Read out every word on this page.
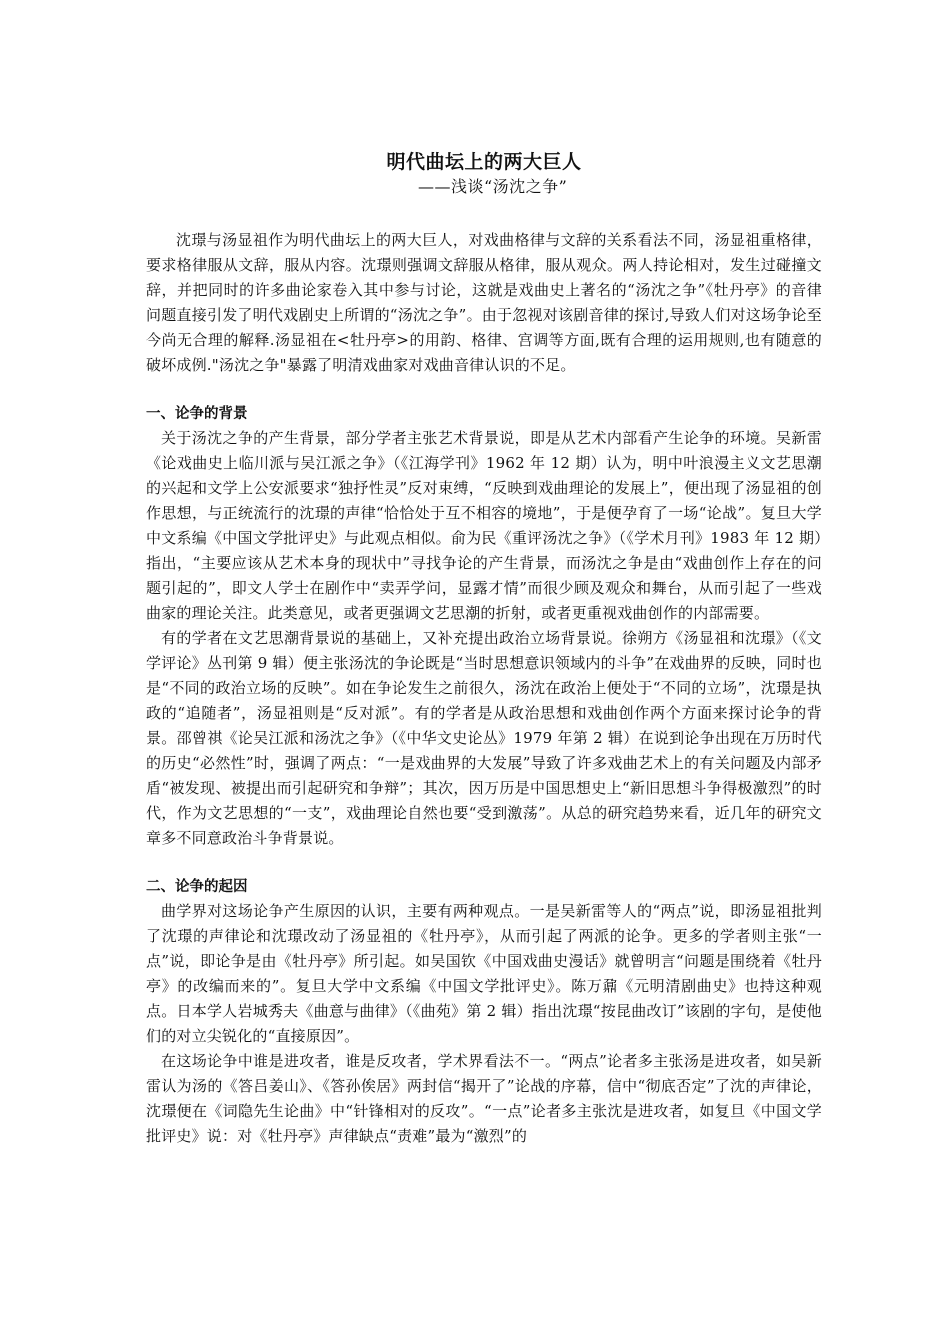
明代曲坛上的两大巨人
——浅谈“汤沈之争”

沈璟与汤显祖作为明代曲坛上的两大巨人，对戏曲格律与文辞的关系看法不同，汤显祖重格律，要求格律服从文辞，服从内容。沈璟则强调文辞服从格律，服从观众。两人持论相对，发生过碰撞文辞，并把同时的许多曲论家卷入其中参与讨论，这就是戏曲史上著名的“汤沈之争”《牡丹亭》的音律问题直接引发了明代戏剧史上所谓的“汤沈之争”。由于忽视对该剧音律的探讨,导致人们对这场争论至今尚无合理的解释.汤显祖在<牡丹亭>的用韵、格律、宫调等方面,既有合理的运用规则,也有随意的破坏成例."汤沈之争"暴露了明清戏曲家对戏曲音律认识的不足。

一、论争的背景

关于汤沈之争的产生背景，部分学者主张艺术背景说，即是从艺术内部看产生论争的环境。吴新雷《论戏曲史上临川派与吴江派之争》（《江海学刊》1962 年 12 期）认为，明中叶浪漫主义文艺思潮的兴起和文学上公安派要求“独抒性灵”反对束缚，“反映到戏曲理论的发展上”，便出现了汤显祖的创作思想，与正统流行的沈璟的声律“恰恰处于互不相容的境地”，于是便孕育了一场“论战”。复旦大学中文系编《中国文学批评史》与此观点相似。俞为民《重评汤沈之争》（《学术月刊》1983 年 12 期）指出，“主要应该从艺术本身的现状中”寻找争论的产生背景，而汤沈之争是由“戏曲创作上存在的问题引起的”，即文人学士在剧作中“卖弄学问，显露才情”而很少顾及观众和舞台，从而引起了一些戏曲家的理论关注。此类意见，或者更强调文艺思潮的折射，或者更重视戏曲创作的内部需要。

有的学者在文艺思潮背景说的基础上，又补充提出政治立场背景说。徐朔方《汤显祖和沈璟》（《文学评论》丛刊第 9 辑）便主张汤沈的争论既是“当时思想意识领域内的斗争”在戏曲界的反映，同时也是“不同的政治立场的反映”。如在争论发生之前很久，汤沈在政治上便处于“不同的立场”，沈璟是执政的“追随者”，汤显祖则是“反对派”。有的学者是从政治思想和戏曲创作两个方面来探讨论争的背景。邵曾祺《论吴江派和汤沈之争》（《中华文史论丛》1979 年第 2 辑）在说到论争出现在万历时代的历史“必然性”时，强调了两点：“一是戏曲界的大发展”导致了许多戏曲艺术上的有关问题及内部矛盾“被发现、被提出而引起研究和争辩”；其次，因万历是中国思想史上“新旧思想斗争得极激烈”的时代，作为文艺思想的“一支”，戏曲理论自然也要“受到激荡”。从总的研究趋势来看，近几年的研究文章多不同意政治斗争背景说。

二、论争的起因

曲学界对这场论争产生原因的认识，主要有两种观点。一是吴新雷等人的“两点”说，即汤显祖批判了沈璟的声律论和沈璟改动了汤显祖的《牡丹亭》，从而引起了两派的论争。更多的学者则主张“一点”说，即论争是由《牡丹亭》所引起。如吴国钦《中国戏曲史漫话》就曾明言“问题是围绕着《牡丹亭》的改编而来的”。复旦大学中文系编《中国文学批评史》。陈万鼐《元明清剧曲史》也持这种观点。日本学人岩城秀夫《曲意与曲律》（《曲苑》第 2 辑）指出沈璟“按昆曲改订”该剧的字句，是使他们的对立尖锐化的“直接原因”。

在这场论争中谁是进攻者，谁是反攻者，学术界看法不一。“两点”论者多主张汤是进攻者，如吴新雷认为汤的《答吕姜山》、《答孙俟居》两封信“揭开了”论战的序幕，信中“彻底否定”了沈的声律论，沈璟便在《词隐先生论曲》中“针锋相对的反攻”。“一点”论者多主张沈是进攻者，如复旦《中国文学批评史》说：对《牡丹亭》声律缺点“责难”最为“激烈”的
